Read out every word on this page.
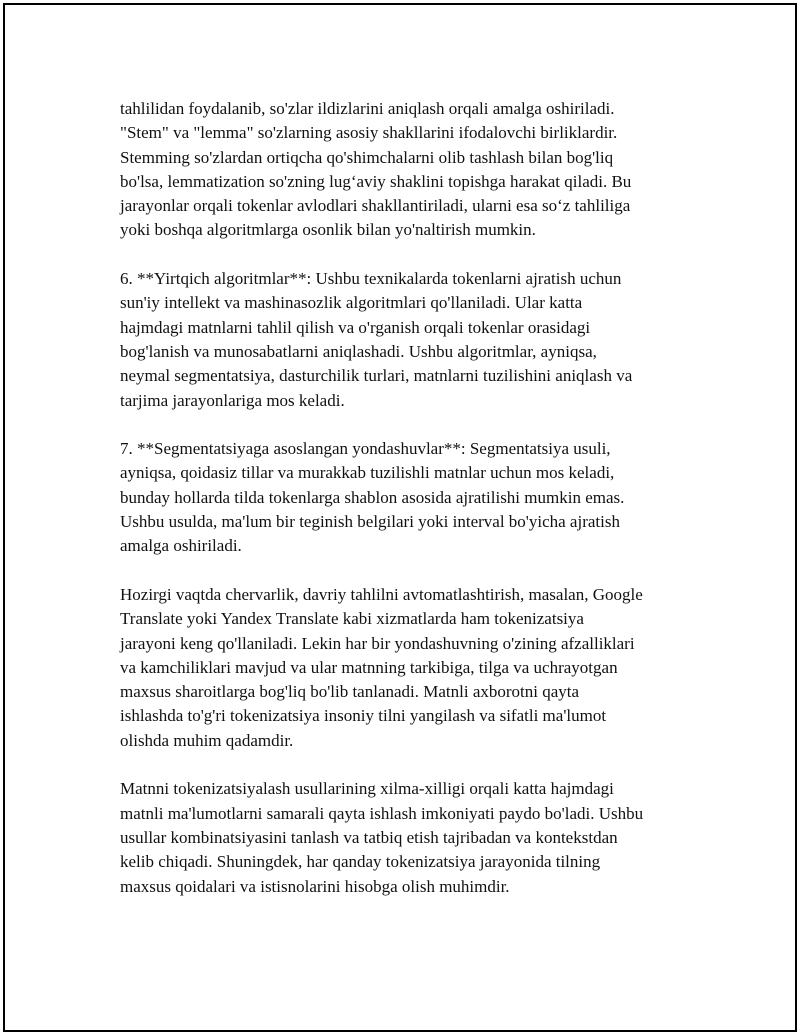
tahlilidan foydalanib, so'zlar ildizlarini aniqlash orqali amalga oshiriladi.
"Stem" va "lemma" so'zlarning asosiy shakllarini ifodalovchi birliklardir.
Stemming so'zlardan ortiqcha qo'shimchalarni olib tashlash bilan bog'liq
bo'lsa, lemmatization so'zning lug‘aviy shaklini topishga harakat qiladi. Bu
jarayonlar orqali tokenlar avlodlari shakllantiriladi, ularni esa so‘z tahliliga
yoki boshqa algoritmlarga osonlik bilan yo'naltirish mumkin.

6. **Yirtqich algoritmlar**: Ushbu texnikalarda tokenlarni ajratish uchun
sun'iy intellekt va mashinasozlik algoritmlari qo'llaniladi. Ular katta
hajmdagi matnlarni tahlil qilish va o'rganish orqali tokenlar orasidagi
bog'lanish va munosabatlarni aniqlashadi. Ushbu algoritmlar, ayniqsa,
neymal segmentatsiya, dasturchilik turlari, matnlarni tuzilishini aniqlash va
tarjima jarayonlariga mos keladi.

7. **Segmentatsiyaga asoslangan yondashuvlar**: Segmentatsiya usuli,
ayniqsa, qoidasiz tillar va murakkab tuzilishli matnlar uchun mos keladi,
bunday hollarda tilda tokenlarga shablon asosida ajratilishi mumkin emas.
Ushbu usulda, ma'lum bir teginish belgilari yoki interval bo'yicha ajratish
amalga oshiriladi.

Hozirgi vaqtda chervarlik, davriy tahlilni avtomatlashtirish, masalan, Google
Translate yoki Yandex Translate kabi xizmatlarda ham tokenizatsiya
jarayoni keng qo'llaniladi. Lekin har bir yondashuvning o'zining afzalliklari
va kamchiliklari mavjud va ular matnning tarkibiga, tilga va uchrayotgan
maxsus sharoitlarga bog'liq bo'lib tanlanadi. Matnli axborotni qayta
ishlashda to'g'ri tokenizatsiya insoniy tilni yangilash va sifatli ma'lumot
olishda muhim qadamdir.

Matnni tokenizatsiyalash usullarining xilma-xilligi orqali katta hajmdagi
matnli ma'lumotlarni samarali qayta ishlash imkoniyati paydo bo'ladi. Ushbu
usullar kombinatsiyasini tanlash va tatbiq etish tajribadan va kontekstdan
kelib chiqadi. Shuningdek, har qanday tokenizatsiya jarayonida tilning
maxsus qoidalari va istisnolarini hisobga olish muhimdir.
